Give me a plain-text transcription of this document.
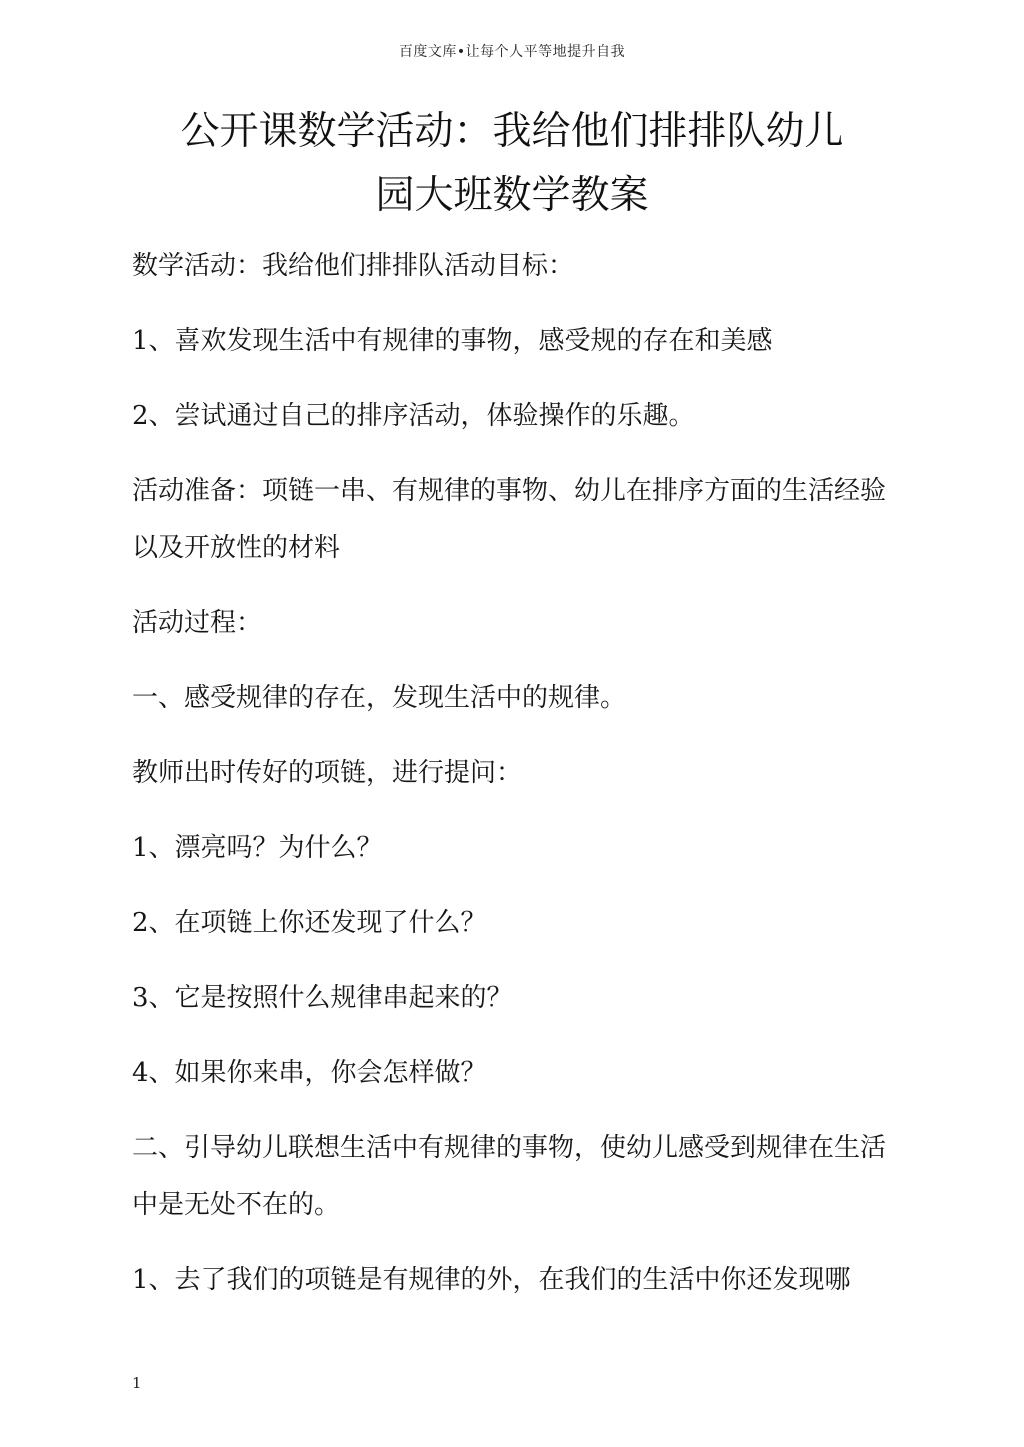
百度文库•让每个人平等地提升自我
公开课数学活动：我给他们排排队幼儿
园大班数学教案

数学活动：我给他们排排队活动目标：

1、喜欢发现生活中有规律的事物，感受规的存在和美感

2、尝试通过自己的排序活动，体验操作的乐趣。

活动准备：项链一串、有规律的事物、幼儿在排序方面的生活经验以及开放性的材料

活动过程：

一、感受规律的存在，发现生活中的规律。

教师出时传好的项链，进行提问：

1、漂亮吗？为什么？

2、在项链上你还发现了什么？

3、它是按照什么规律串起来的？

4、如果你来串，你会怎样做？

二、引导幼儿联想生活中有规律的事物，使幼儿感受到规律在生活中是无处不在的。

1、去了我们的项链是有规律的外，在我们的生活中你还发现哪

1
